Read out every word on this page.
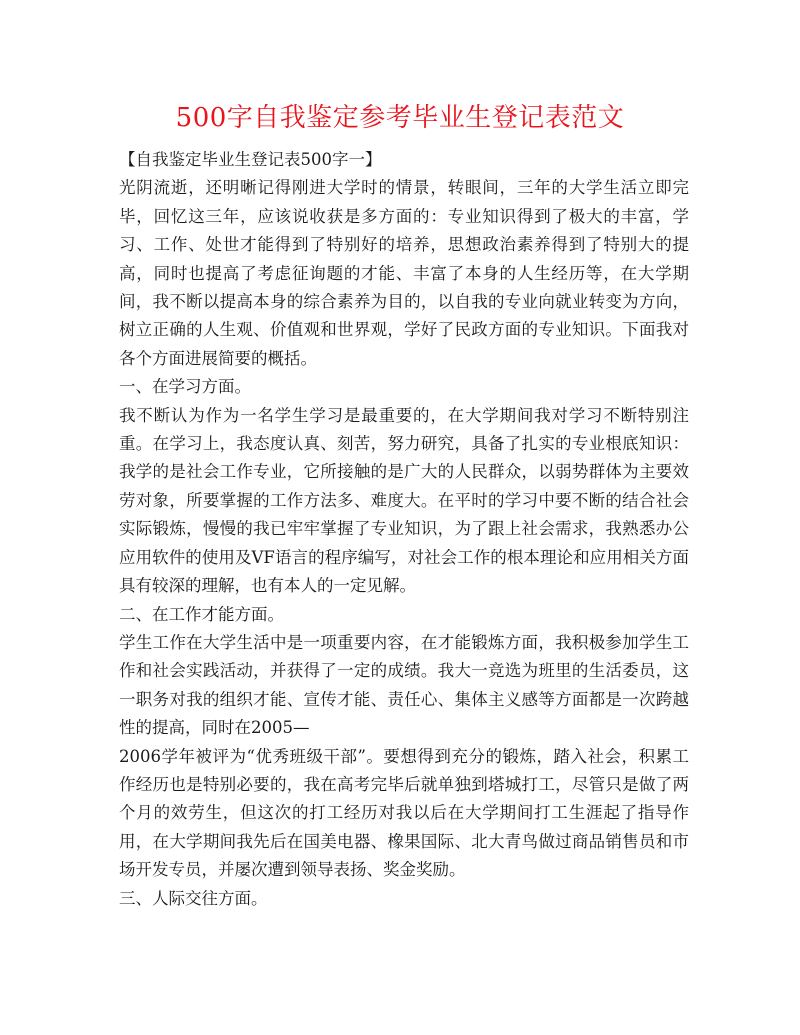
500字自我鉴定参考毕业生登记表范文

【自我鉴定毕业生登记表500字一】

光阴流逝，还明晰记得刚进大学时的情景，转眼间，三年的大学生活立即完毕，回忆这三年，应该说收获是多方面的：专业知识得到了极大的丰富，学习、工作、处世才能得到了特别好的培养，思想政治素养得到了特别大的提高，同时也提高了考虑征询题的才能、丰富了本身的人生经历等，在大学期间，我不断以提高本身的综合素养为目的，以自我的专业向就业转变为方向，树立正确的人生观、价值观和世界观，学好了民政方面的专业知识。下面我对各个方面进展简要的概括。

一、在学习方面。

我不断认为作为一名学生学习是最重要的，在大学期间我对学习不断特别注重。在学习上，我态度认真、刻苦，努力研究，具备了扎实的专业根底知识：我学的是社会工作专业，它所接触的是广大的人民群众，以弱势群体为主要效劳对象，所要掌握的工作方法多、难度大。在平时的学习中要不断的结合社会实际锻炼，慢慢的我已牢牢掌握了专业知识，为了跟上社会需求，我熟悉办公应用软件的使用及VF语言的程序编写，对社会工作的根本理论和应用相关方面具有较深的理解，也有本人的一定见解。

二、在工作才能方面。

学生工作在大学生活中是一项重要内容，在才能锻炼方面，我积极参加学生工作和社会实践活动，并获得了一定的成绩。我大一竞选为班里的生活委员，这一职务对我的组织才能、宣传才能、责任心、集体主义感等方面都是一次跨越性的提高，同时在2005—

2006学年被评为“优秀班级干部”。要想得到充分的锻炼，踏入社会，积累工作经历也是特别必要的，我在高考完毕后就单独到塔城打工，尽管只是做了两个月的效劳生，但这次的打工经历对我以后在大学期间打工生涯起了指导作用，在大学期间我先后在国美电器、橡果国际、北大青鸟做过商品销售员和市场开发专员，并屡次遭到领导表扬、奖金奖励。

三、人际交往方面。
